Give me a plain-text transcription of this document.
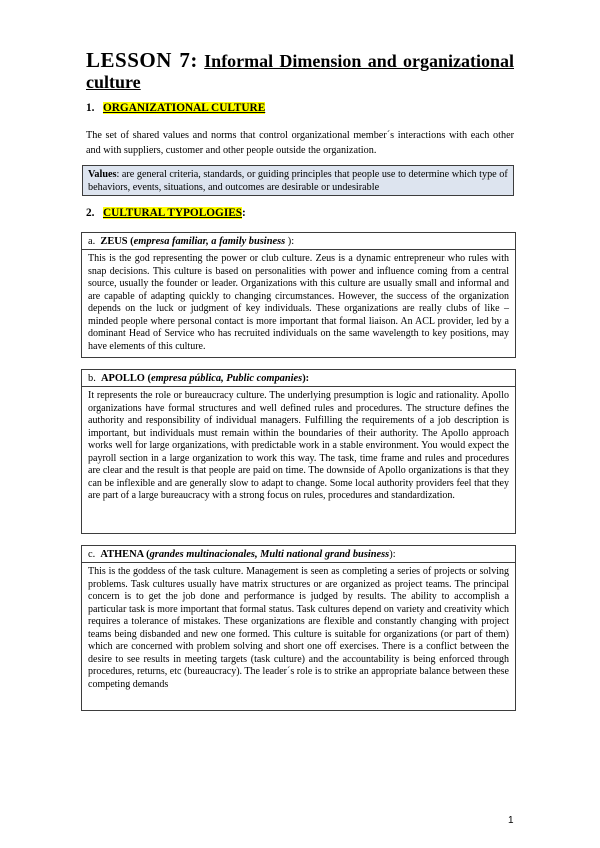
LESSON 7: Informal Dimension and organizational
culture
1. ORGANIZATIONAL CULTURE

The set of shared values and norms that control organizational member´s interactions with each other and with suppliers, customer and other people outside the organization.

Values: are general criteria, standards, or guiding principles that people use to determine which type of behaviors, events, situations, and outcomes are desirable or undesirable
2. CULTURAL TYPOLOGIES:
a. ZEUS (empresa familiar, a family business ):
This is the god representing the power or club culture. Zeus is a dynamic entrepreneur who rules with snap decisions. This culture is based on personalities with power and influence coming from a central source, usually the founder or leader. Organizations with this culture are usually small and informal and are capable of adapting quickly to changing circumstances. However, the success of the organization depends on the luck or judgment of key individuals. These organizations are really clubs of like – minded people where personal contact is more important that formal liaison. An ACL provider, led by a dominant Head of Service who has recruited individuals on the same wavelength to key positions, may have elements of this culture.
b. APOLLO (empresa pública, Public companies):
It represents the role or bureaucracy culture. The underlying presumption is logic and rationality. Apollo organizations have formal structures and well defined rules and procedures. The structure defines the authority and responsibility of individual managers. Fulfilling the requirements of a job description is important, but individuals must remain within the boundaries of their authority. The Apollo approach works well for large organizations, with predictable work in a stable environment. You would expect the payroll section in a large organization to work this way. The task, time frame and rules and procedures are clear and the result is that people are paid on time. The downside of Apollo organizations is that they can be inflexible and are generally slow to adapt to change. Some local authority providers feel that they are part of a large bureaucracy with a strong focus on rules, procedures and standardization.
c. ATHENA (grandes multinacionales, Multi national grand business):
This is the goddess of the task culture. Management is seen as completing a series of projects or solving problems. Task cultures usually have matrix structures or are organized as project teams. The principal concern is to get the job done and performance is judged by results. The ability to accomplish a particular task is more important that formal status. Task cultures depend on variety and creativity which requires a tolerance of mistakes. These organizations are flexible and constantly changing with project teams being disbanded and new one formed. This culture is suitable for organizations (or part of them) which are concerned with problem solving and short one off exercises. There is a conflict between the desire to see results in meeting targets (task culture) and the accountability is being enforced through procedures, returns, etc (bureaucracy). The leader´s role is to strike an appropriate balance between these competing demands
1
